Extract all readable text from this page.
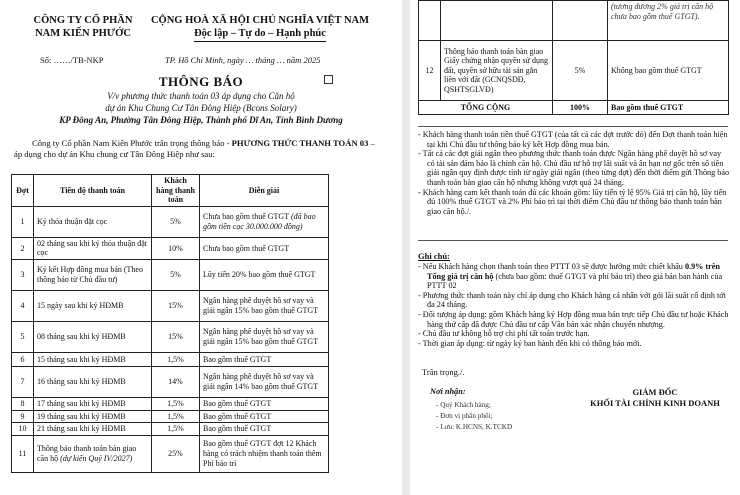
CÔNG TY CỔ PHẦN
NAM KIẾN PHƯỚC
CỘNG HOÀ XÃ HỘI CHỦ NGHĨA VIỆT NAM
Độc lập – Tự do – Hạnh phúc
Số: ……/TB-NKP	TP. Hồ Chí Minh, ngày … tháng … năm 2025
THÔNG BÁO
V/v phương thức thanh toán 03 áp dụng cho Căn hộ
dự án Khu Chung Cư Tân Đông Hiệp (Bcons Solary)
KP Đông An, Phường Tân Đông Hiệp, Thành phố Dĩ An, Tỉnh Bình Dương
Công ty Cổ phần Nam Kiến Phước trân trọng thông báo - PHƯƠNG THỨC THANH TOÁN 03 – áp dụng cho dự án Khu chung cư Tân Đông Hiệp như sau:
Đợt	Tiến độ thanh toán	Khách hàng thanh toán	Diễn giải
1	Ký thỏa thuận đặt cọc	5%	Chưa bao gồm thuế GTGT (đã bao gồm tiền cọc 30.000.000 đồng)
2	02 tháng sau khi ký thỏa thuận đặt cọc	10%	Chưa bao gồm thuế GTGT
3	Ký kết Hợp đồng mua bán (Theo thông báo từ Chủ đầu tư)	5%	Lũy tiến 20% bao gồm thuế GTGT
4	15 ngày sau khi ký HĐMB	15%	Ngân hàng phê duyệt hồ sơ vay và giải ngân 15% bao gồm thuế GTGT
5	08 tháng sau khi ký HĐMB	15%	Ngân hàng phê duyệt hồ sơ vay và giải ngân 15% bao gồm thuế GTGT
6	15 tháng sau khi ký HĐMB	1,5%	Bao gồm thuế GTGT
7	16 tháng sau khi ký HĐMB	14%	Ngân hàng phê duyệt hồ sơ vay và giải ngân 14% bao gồm thuế GTGT
8	17 tháng sau khi ký HĐMB	1,5%	Bao gồm thuế GTGT
9	19 tháng sau khi ký HĐMB	1,5%	Bao gồm thuế GTGT
10	21 tháng sau khi ký HĐMB	1,5%	Bao gồm thuế GTGT
11	Thông báo thanh toán bàn giao căn hộ (dự kiến Quý IV/2027)	25%	Bao gồm thuế GTGT đợt 12 Khách hàng có trách nhiệm thanh toán thêm Phí bảo trì
			(tương đương 2% giá trị căn hộ chưa bao gồm thuế GTGT).
12	Thông báo thanh toán bàn giao Giấy chứng nhận quyền sử dụng đất, quyền sở hữu tài sản gắn liền với đất (GCNQSDĐ, QSHTSGLVĐ)	5%	Không bao gồm thuế GTGT
TỔNG CỘNG		100%	Bao gồm thuế GTGT

- Khách hàng thanh toán tiền thuế GTGT (của tất cả các đợt trước đó) đến Đợt thanh toán hiện tại khi Chủ đầu tư thông báo ký kết Hợp đồng mua bán.

- Tất cả các đợt giải ngân theo phương thức thanh toán được Ngân hàng phê duyệt hồ sơ vay có tài sản đảm bảo là chính căn hộ. Chủ đầu tư hỗ trợ lãi suất và ân hạn nợ gốc trên số tiền giải ngân quy định được tính từ ngày giải ngân (theo từng đợt) đến thời điểm gửi Thông báo thanh toán bàn giao căn hộ nhưng không vượt quá 24 tháng.

- Khách hàng cam kết thanh toán đủ các khoản gồm: lũy tiến tỷ lệ 95% Giá trị căn hộ, lũy tiến đủ 100% thuế GTGT và 2% Phí bảo trì tại thời điểm Chủ đầu tư thông báo thanh toán bàn giao căn hộ./.

Ghi chú:

- Nếu Khách hàng chọn thanh toán theo PTTT 03 sẽ được hưởng mức chiết khấu 0.9% trên Tổng giá trị căn hộ (chưa bao gồm: thuế GTGT và phí bảo trì) theo giá bán ban hành của PTTT 02

- Phương thức thanh toán này chỉ áp dụng cho Khách hàng cá nhân với gói lãi suất cố định tới đa 24 tháng.

- Đối tượng áp dụng: gồm Khách hàng ký Hợp đồng mua bán trực tiếp Chủ đầu tư hoặc Khách hàng thứ cấp đã được Chủ đầu tư cấp Văn bản xác nhận chuyển nhượng.

- Chủ đầu tư không hỗ trợ chi phí tất toán trước hạn.

- Thời gian áp dụng: từ ngày ký ban hành đến khi có thông báo mới.

Trân trọng./.
Nơi nhận:
- Quý Khách hàng;
- Đơn vị phân phối;
- Lưu: K.HCNS, K.TCKD
GIÁM ĐỐC
KHỐI TÀI CHÍNH KINH DOANH
